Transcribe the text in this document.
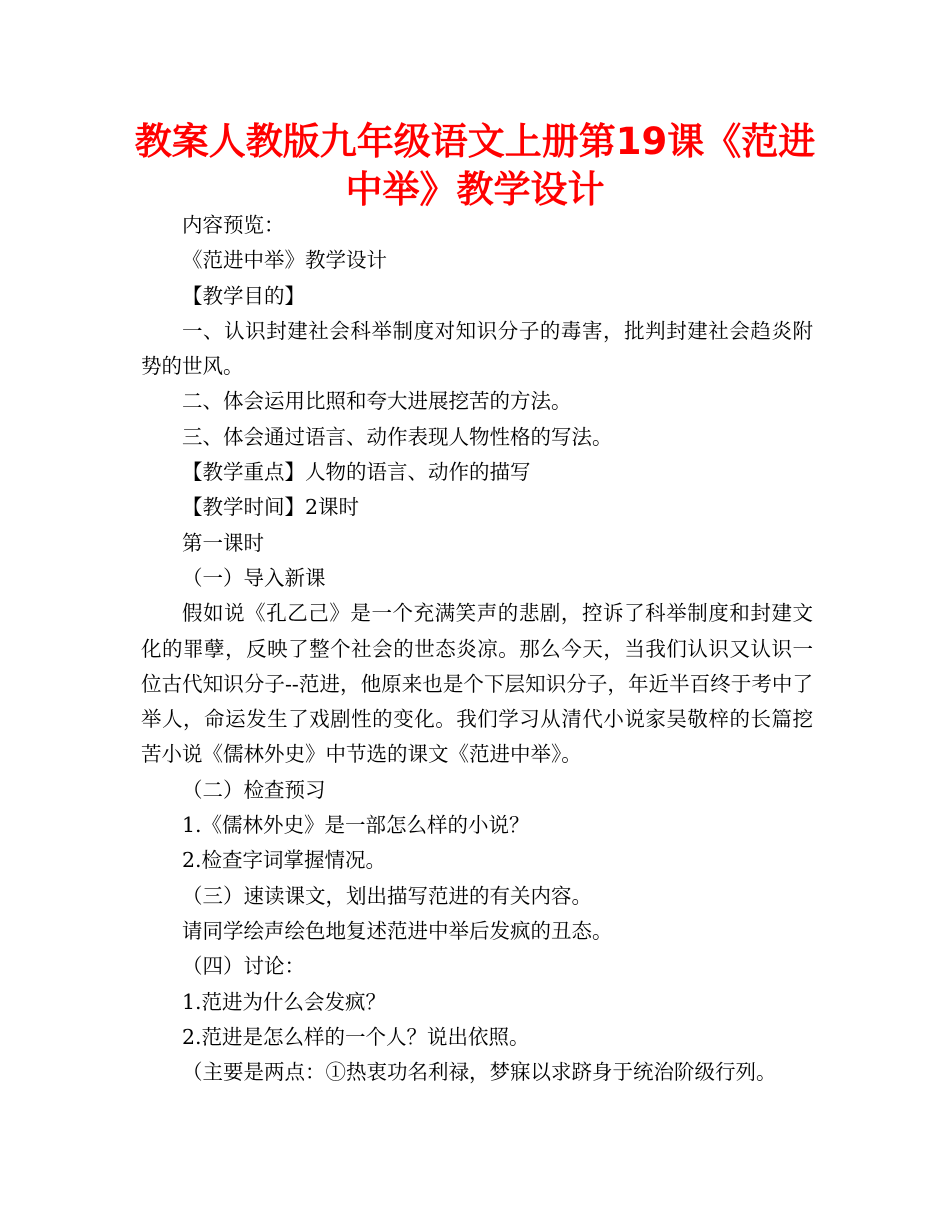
教案人教版九年级语文上册第19课《范进中举》教学设计

内容预览：

《范进中举》教学设计

【教学目的】

一、认识封建社会科举制度对知识分子的毒害，批判封建社会趋炎附势的世风。

二、体会运用比照和夸大进展挖苦的方法。

三、体会通过语言、动作表现人物性格的写法。

【教学重点】人物的语言、动作的描写

【教学时间】2课时

第一课时

（一）导入新课

假如说《孔乙己》是一个充满笑声的悲剧，控诉了科举制度和封建文化的罪孽，反映了整个社会的世态炎凉。那么今天，当我们认识又认识一位古代知识分子--范进，他原来也是个下层知识分子，年近半百终于考中了举人，命运发生了戏剧性的变化。我们学习从清代小说家吴敬梓的长篇挖苦小说《儒林外史》中节选的课文《范进中举》。

（二）检查预习

1.《儒林外史》是一部怎么样的小说？

2.检查字词掌握情况。

（三）速读课文，划出描写范进的有关内容。

请同学绘声绘色地复述范进中举后发疯的丑态。

（四）讨论：

1.范进为什么会发疯？

2.范进是怎么样的一个人？说出依照。

（主要是两点：①热衷功名利禄，梦寐以求跻身于统治阶级行列。
